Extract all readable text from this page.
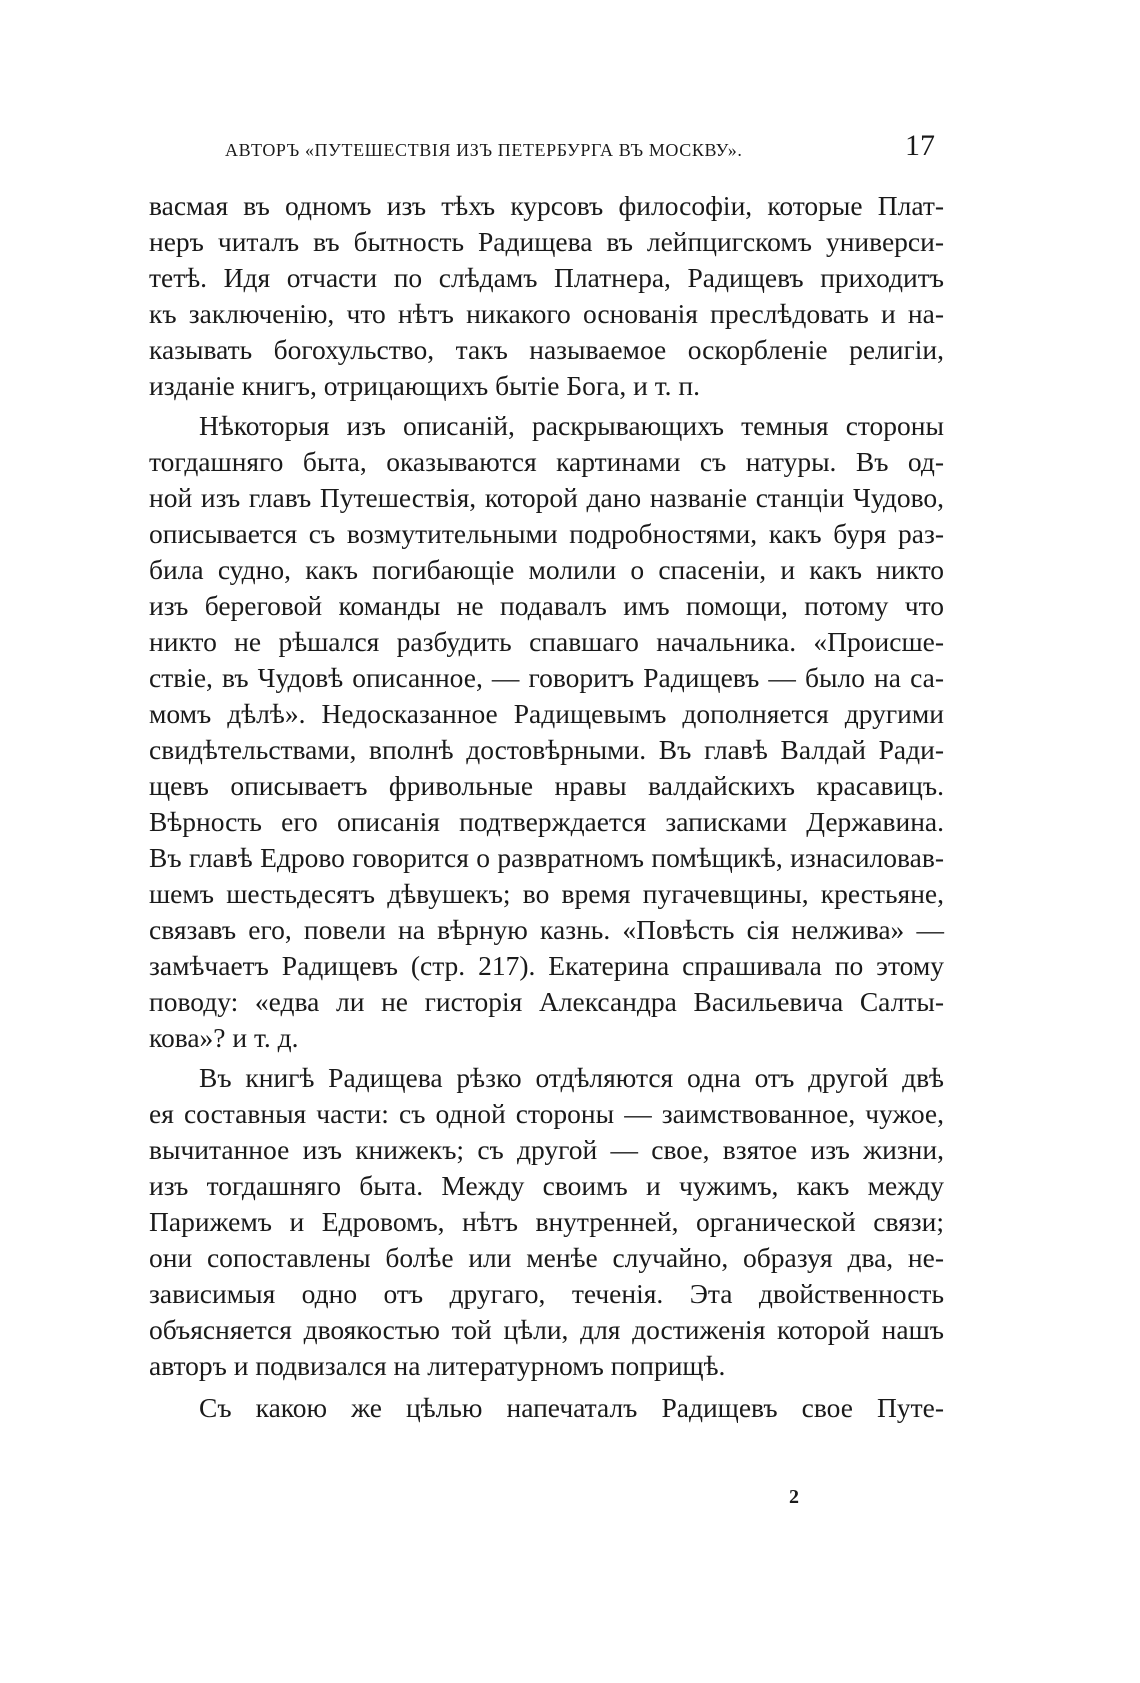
АВТОРЪ «ПУТЕШЕСТВІЯ ИЗЪ ПЕТЕРБУРГА ВЪ МОСКВУ».	17
васмая въ одномъ изъ тѣхъ курсовъ философіи, которые Плат-
неръ читалъ въ бытность Радищева въ лейпцигскомъ универси-
тетѣ. Идя отчасти по слѣдамъ Платнера, Радищевъ приходитъ
къ заключенію, что нѣтъ никакого основанія преслѣдовать и на-
казывать богохульство, такъ называемое оскорбленіе религіи,
изданіе книгъ, отрицающихъ бытіе Бога, и т. п.
Нѣкоторыя изъ описаній, раскрывающихъ темныя стороны
тогдашняго быта, оказываются картинами съ натуры. Въ од-
ной изъ главъ Путешествія, которой дано названіе станціи Чудово,
описывается съ возмутительными подробностями, какъ буря раз-
била судно, какъ погибающіе молили о спасеніи, и какъ никто
изъ береговой команды не подавалъ имъ помощи, потому что
никто не рѣшался разбудить спавшаго начальника. «Происше-
ствіе, въ Чудовѣ описанное, — говоритъ Радищевъ — было на са-
момъ дѣлѣ». Недосказанное Радищевымъ дополняется другими
свидѣтельствами, вполнѣ достовѣрными. Въ главѣ Валдай Ради-
щевъ описываетъ фривольные нравы валдайскихъ красавицъ.
Вѣрность его описанія подтверждается записками Державина.
Въ главѣ Едрово говорится о развратномъ помѣщикѣ, изнасиловав-
шемъ шестьдесятъ дѣвушекъ; во время пугачевщины, крестьяне,
связавъ его, повели на вѣрную казнь. «Повѣсть сія нелжива» —
замѣчаетъ Радищевъ (стр. 217). Екатерина спрашивала по этому
поводу: «едва ли не гисторія Александра Васильевича Салты-
кова»? и т. д.
Въ книгѣ Радищева рѣзко отдѣляются одна отъ другой двѣ
ея составныя части: съ одной стороны — заимствованное, чужое,
вычитанное изъ книжекъ; съ другой — свое, взятое изъ жизни,
изъ тогдашняго быта. Между своимъ и чужимъ, какъ между
Парижемъ и Едровомъ, нѣтъ внутренней, органической связи;
они сопоставлены болѣе или менѣе случайно, образуя два, не-
зависимыя одно отъ другаго, теченія. Эта двойственность
объясняется двоякостью той цѣли, для достиженія которой нашъ
авторъ и подвизался на литературномъ поприщѣ.
Съ какою же цѣлью напечаталъ Радищевъ свое Путе-
2
